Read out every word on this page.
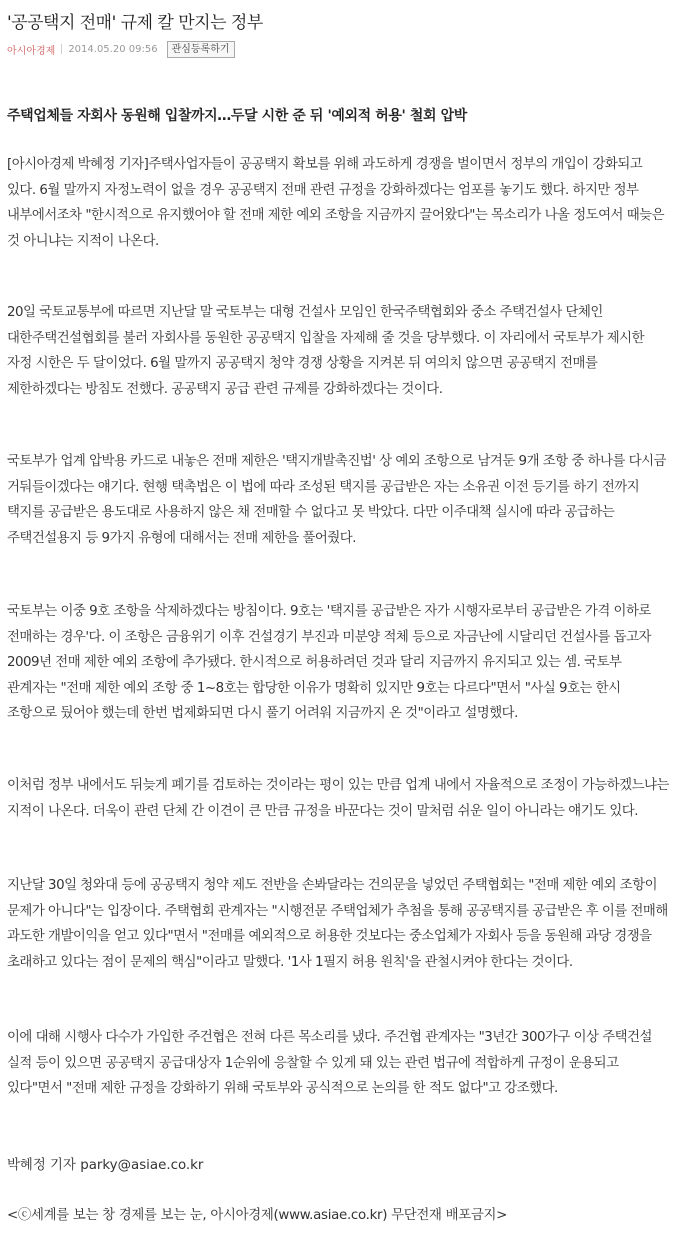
'공공택지 전매' 규제 칼 만지는 정부
아시아경제 2014.05.20 09:56	관심등록하기
주택업체들 자회사 동원해 입찰까지…두달 시한 준 뒤 '예외적 허용' 철회 압박

[아시아경제 박혜정 기자]주택사업자들이 공공택지 확보를 위해 과도하게 경쟁을 벌이면서 정부의 개입이 강화되고 있다. 6월 말까지 자정노력이 없을 경우 공공택지 전매 관련 규정을 강화하겠다는 엄포를 놓기도 했다. 하지만 정부 내부에서조차 "한시적으로 유지했어야 할 전매 제한 예외 조항을 지금까지 끌어왔다"는 목소리가 나올 정도여서 때늦은 것 아니냐는 지적이 나온다.

20일 국토교통부에 따르면 지난달 말 국토부는 대형 건설사 모임인 한국주택협회와 중소 주택건설사 단체인 대한주택건설협회를 불러 자회사를 동원한 공공택지 입찰을 자제해 줄 것을 당부했다. 이 자리에서 국토부가 제시한 자정 시한은 두 달이었다. 6월 말까지 공공택지 청약 경쟁 상황을 지켜본 뒤 여의치 않으면 공공택지 전매를 제한하겠다는 방침도 전했다. 공공택지 공급 관련 규제를 강화하겠다는 것이다.

국토부가 업계 압박용 카드로 내놓은 전매 제한은 '택지개발촉진법' 상 예외 조항으로 남겨둔 9개 조항 중 하나를 다시금 거둬들이겠다는 얘기다. 현행 택촉법은 이 법에 따라 조성된 택지를 공급받은 자는 소유권 이전 등기를 하기 전까지 택지를 공급받은 용도대로 사용하지 않은 채 전매할 수 없다고 못 박았다. 다만 이주대책 실시에 따라 공급하는 주택건설용지 등 9가지 유형에 대해서는 전매 제한을 풀어줬다.

국토부는 이중 9호 조항을 삭제하겠다는 방침이다. 9호는 '택지를 공급받은 자가 시행자로부터 공급받은 가격 이하로 전매하는 경우'다. 이 조항은 금융위기 이후 건설경기 부진과 미분양 적체 등으로 자금난에 시달리던 건설사를 돕고자 2009년 전매 제한 예외 조항에 추가됐다. 한시적으로 허용하려던 것과 달리 지금까지 유지되고 있는 셈. 국토부 관계자는 "전매 제한 예외 조항 중 1~8호는 합당한 이유가 명확히 있지만 9호는 다르다"면서 "사실 9호는 한시 조항으로 뒀어야 했는데 한번 법제화되면 다시 풀기 어려워 지금까지 온 것"이라고 설명했다.

이처럼 정부 내에서도 뒤늦게 폐기를 검토하는 것이라는 평이 있는 만큼 업계 내에서 자율적으로 조정이 가능하겠느냐는 지적이 나온다. 더욱이 관련 단체 간 이견이 큰 만큼 규정을 바꾼다는 것이 말처럼 쉬운 일이 아니라는 얘기도 있다.

지난달 30일 청와대 등에 공공택지 청약 제도 전반을 손봐달라는 건의문을 넣었던 주택협회는 "전매 제한 예외 조항이 문제가 아니다"는 입장이다. 주택협회 관계자는 "시행전문 주택업체가 추첨을 통해 공공택지를 공급받은 후 이를 전매해 과도한 개발이익을 얻고 있다"면서 "전매를 예외적으로 허용한 것보다는 중소업체가 자회사 등을 동원해 과당 경쟁을 초래하고 있다는 점이 문제의 핵심"이라고 말했다. '1사 1필지 허용 원칙'을 관철시켜야 한다는 것이다.

이에 대해 시행사 다수가 가입한 주건협은 전혀 다른 목소리를 냈다. 주건협 관계자는 "3년간 300가구 이상 주택건설 실적 등이 있으면 공공택지 공급대상자 1순위에 응찰할 수 있게 돼 있는 관련 법규에 적합하게 규정이 운용되고 있다"면서 "전매 제한 규정을 강화하기 위해 국토부와 공식적으로 논의를 한 적도 없다"고 강조했다.

박혜정 기자 parky@asiae.co.kr
<ⓒ세계를 보는 창 경제를 보는 눈, 아시아경제(www.asiae.co.kr) 무단전재 배포금지>
